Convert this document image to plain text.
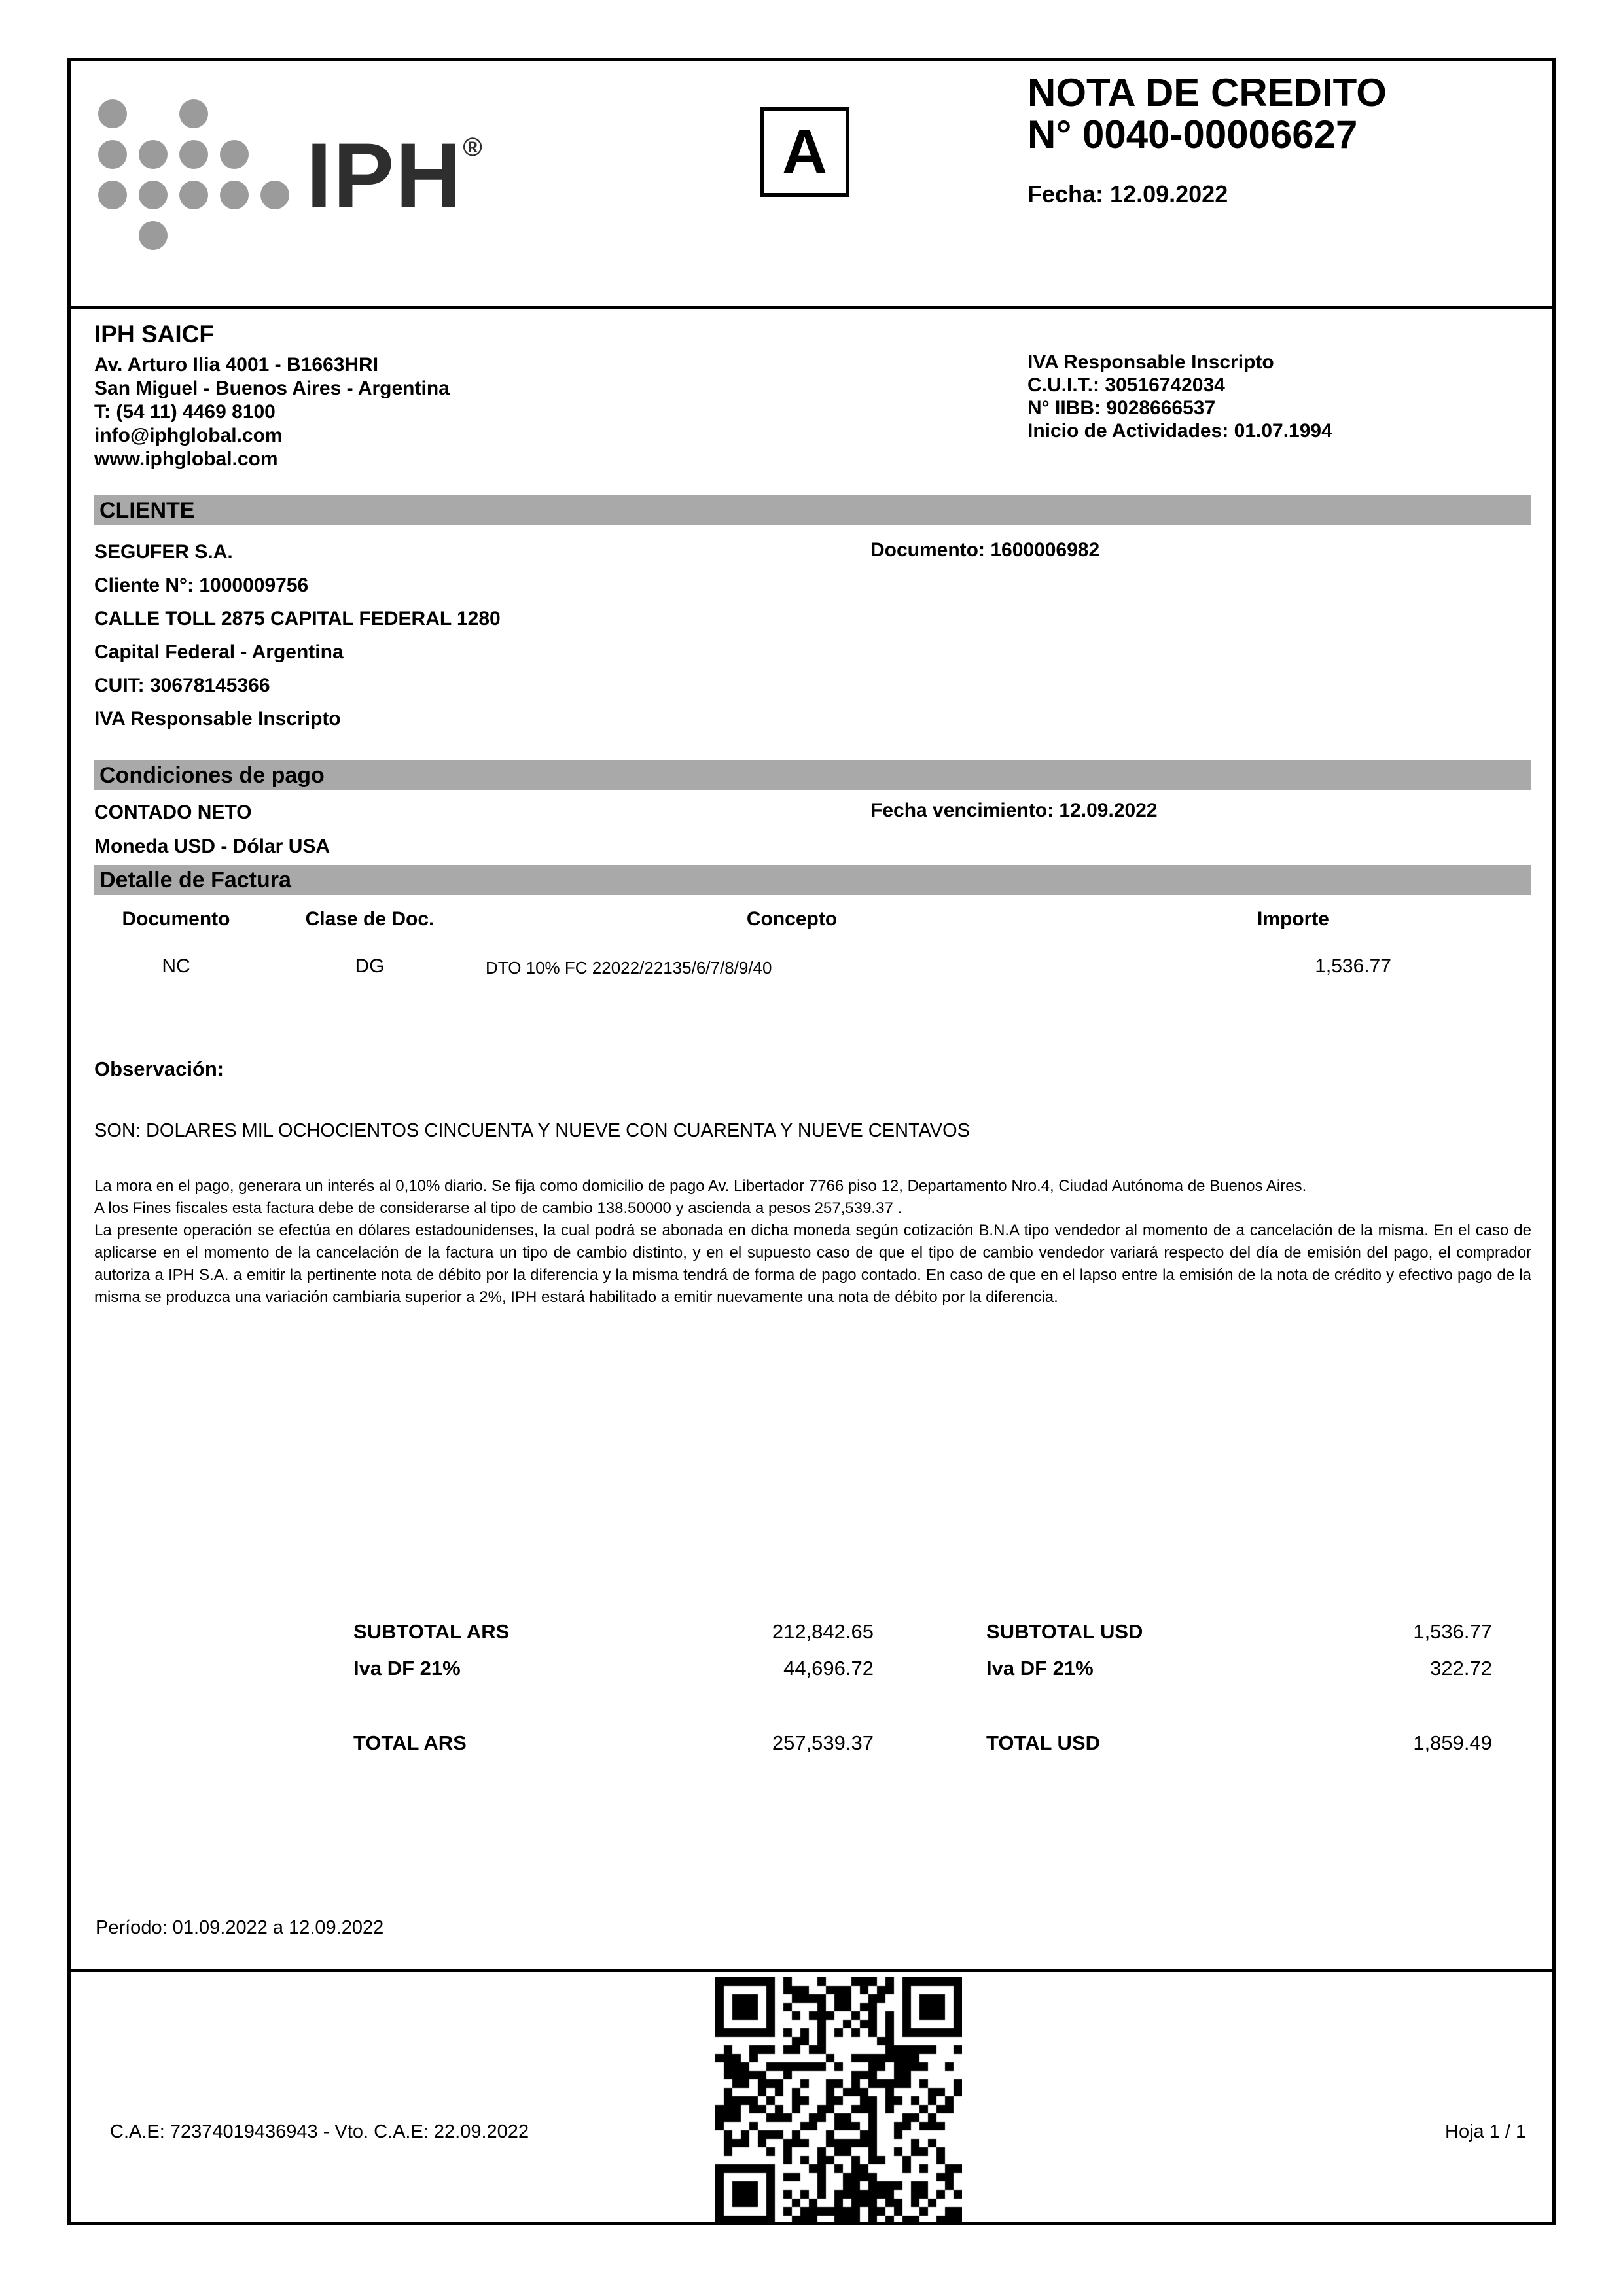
IPH®	A
NOTA DE CREDITO
N° 0040-00006627
Fecha: 12.09.2022
IPH SAICF
Av. Arturo Ilia 4001 - B1663HRI
San Miguel - Buenos Aires - Argentina
T: (54 11) 4469 8100
info@iphglobal.com
www.iphglobal.com
IVA Responsable Inscripto
C.U.I.T.: 30516742034
N° IIBB: 9028666537
Inicio de Actividades: 01.07.1994
CLIENTE
SEGUFER S.A.
Cliente N°: 1000009756
CALLE TOLL 2875 CAPITAL FEDERAL 1280
Capital Federal - Argentina
CUIT: 30678145366
IVA Responsable Inscripto
Documento: 1600006982
Condiciones de pago
CONTADO NETO
Moneda USD - Dólar USA
Fecha vencimiento: 12.09.2022
Detalle de Factura
Documento	Clase de Doc.	Concepto	Importe
NC	DG	DTO 10% FC 22022/22135/6/7/8/9/40	1,536.77
Observación:
SON: DOLARES MIL OCHOCIENTOS CINCUENTA Y NUEVE CON CUARENTA Y NUEVE CENTAVOS

La mora en el pago, generara un interés al 0,10% diario. Se fija como domicilio de pago Av. Libertador 7766 piso 12, Departamento Nro.4, Ciudad Autónoma de Buenos Aires.

A los Fines fiscales esta factura debe de considerarse al tipo de cambio 138.50000 y ascienda a pesos 257,539.37 .

La presente operación se efectúa en dólares estadounidenses, la cual podrá se abonada en dicha moneda según cotización B.N.A tipo vendedor al momento de a cancelación de la misma. En el caso de aplicarse en el momento de la cancelación de la factura un tipo de cambio distinto, y en el supuesto caso de que el tipo de cambio vendedor variará respecto del día de emisión del pago, el comprador autoriza a IPH S.A. a emitir la pertinente nota de débito por la diferencia y la misma tendrá de forma de pago contado. En caso de que en el lapso entre la emisión de la nota de crédito y efectivo pago de la misma se produzca una variación cambiaria superior a 2%, IPH estará habilitado a emitir nuevamente una nota de débito por la diferencia.

SUBTOTAL ARS	212,842.65	SUBTOTAL USD	1,536.77
Iva DF 21%	44,696.72	Iva DF 21%	322.72
TOTAL ARS	257,539.37	TOTAL USD	1,859.49
Período: 01.09.2022 a 12.09.2022
C.A.E: 72374019436943 - Vto. C.A.E: 22.09.2022	Hoja 1 / 1
